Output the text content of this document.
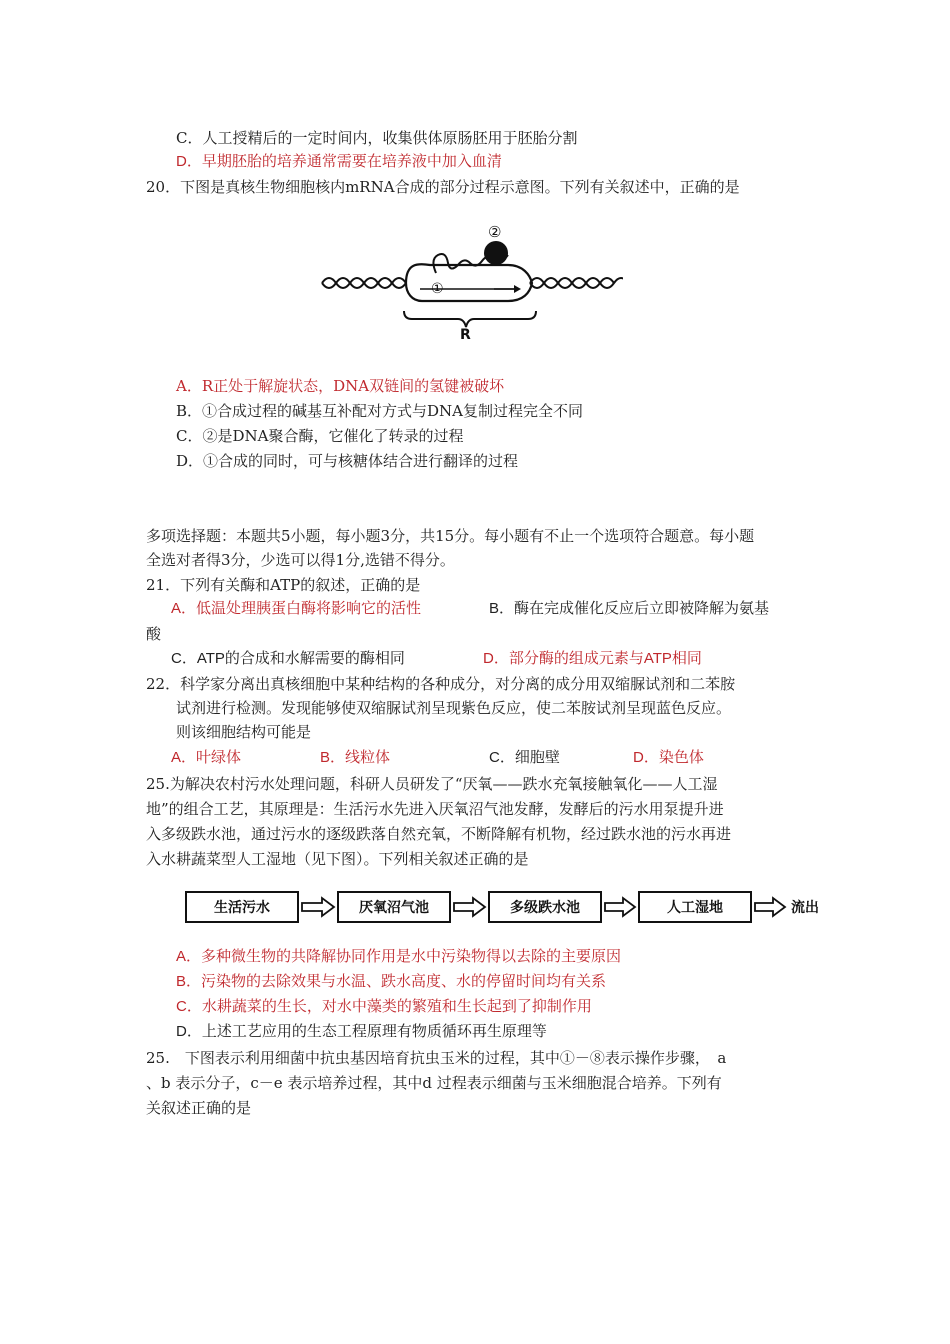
C．人工授精后的一定时间内，收集供体原肠胚用于胚胎分割
D．早期胚胎的培养通常需要在培养液中加入血清
20．下图是真核生物细胞核内mRNA合成的部分过程示意图。下列有关叙述中，正确的是
②
①
R
A．R正处于解旋状态，DNA双链间的氢键被破坏
B．①合成过程的碱基互补配对方式与DNA复制过程完全不同
C．②是DNA聚合酶，它催化了转录的过程
D．①合成的同时，可与核糖体结合进行翻译的过程
多项选择题：本题共5小题，每小题3分，共15分。每小题有不止一个选项符合题意。每小题
全选对者得3分，少选可以得1分,选错不得分。
21．下列有关酶和ATP的叙述，正确的是
A．低温处理胰蛋白酶将影响它的活性	B．酶在完成催化反应后立即被降解为氨基
酸
C．ATP的合成和水解需要的酶相同	D．部分酶的组成元素与ATP相同
22．科学家分离出真核细胞中某种结构的各种成分，对分离的成分用双缩脲试剂和二苯胺
试剂进行检测。发现能够使双缩脲试剂呈现紫色反应，使二苯胺试剂呈现蓝色反应。
则该细胞结构可能是
A．叶绿体	B．线粒体	C．细胞壁	D．染色体
25.为解决农村污水处理问题，科研人员研发了“厌氧——跌水充氧接触氧化——人工湿
地”的组合工艺，其原理是：生活污水先进入厌氧沼气池发酵，发酵后的污水用泵提升进
入多级跌水池，通过污水的逐级跌落自然充氧，不断降解有机物，经过跌水池的污水再进
入水耕蔬菜型人工湿地（见下图）。下列相关叙述正确的是
生活污水	厌氧沼气池	多级跌水池	人工湿地	流出
A．多种微生物的共降解协同作用是水中污染物得以去除的主要原因
B．污染物的去除效果与水温、跌水高度、水的停留时间均有关系
C．水耕蔬菜的生长，对水中藻类的繁殖和生长起到了抑制作用
D．上述工艺应用的生态工程原理有物质循环再生原理等
25.　下图表示利用细菌中抗虫基因培育抗虫玉米的过程，其中①－⑧表示操作步骤，　a
、b 表示分子，c－e 表示培养过程，其中d 过程表示细菌与玉米细胞混合培养。下列有
关叙述正确的是
